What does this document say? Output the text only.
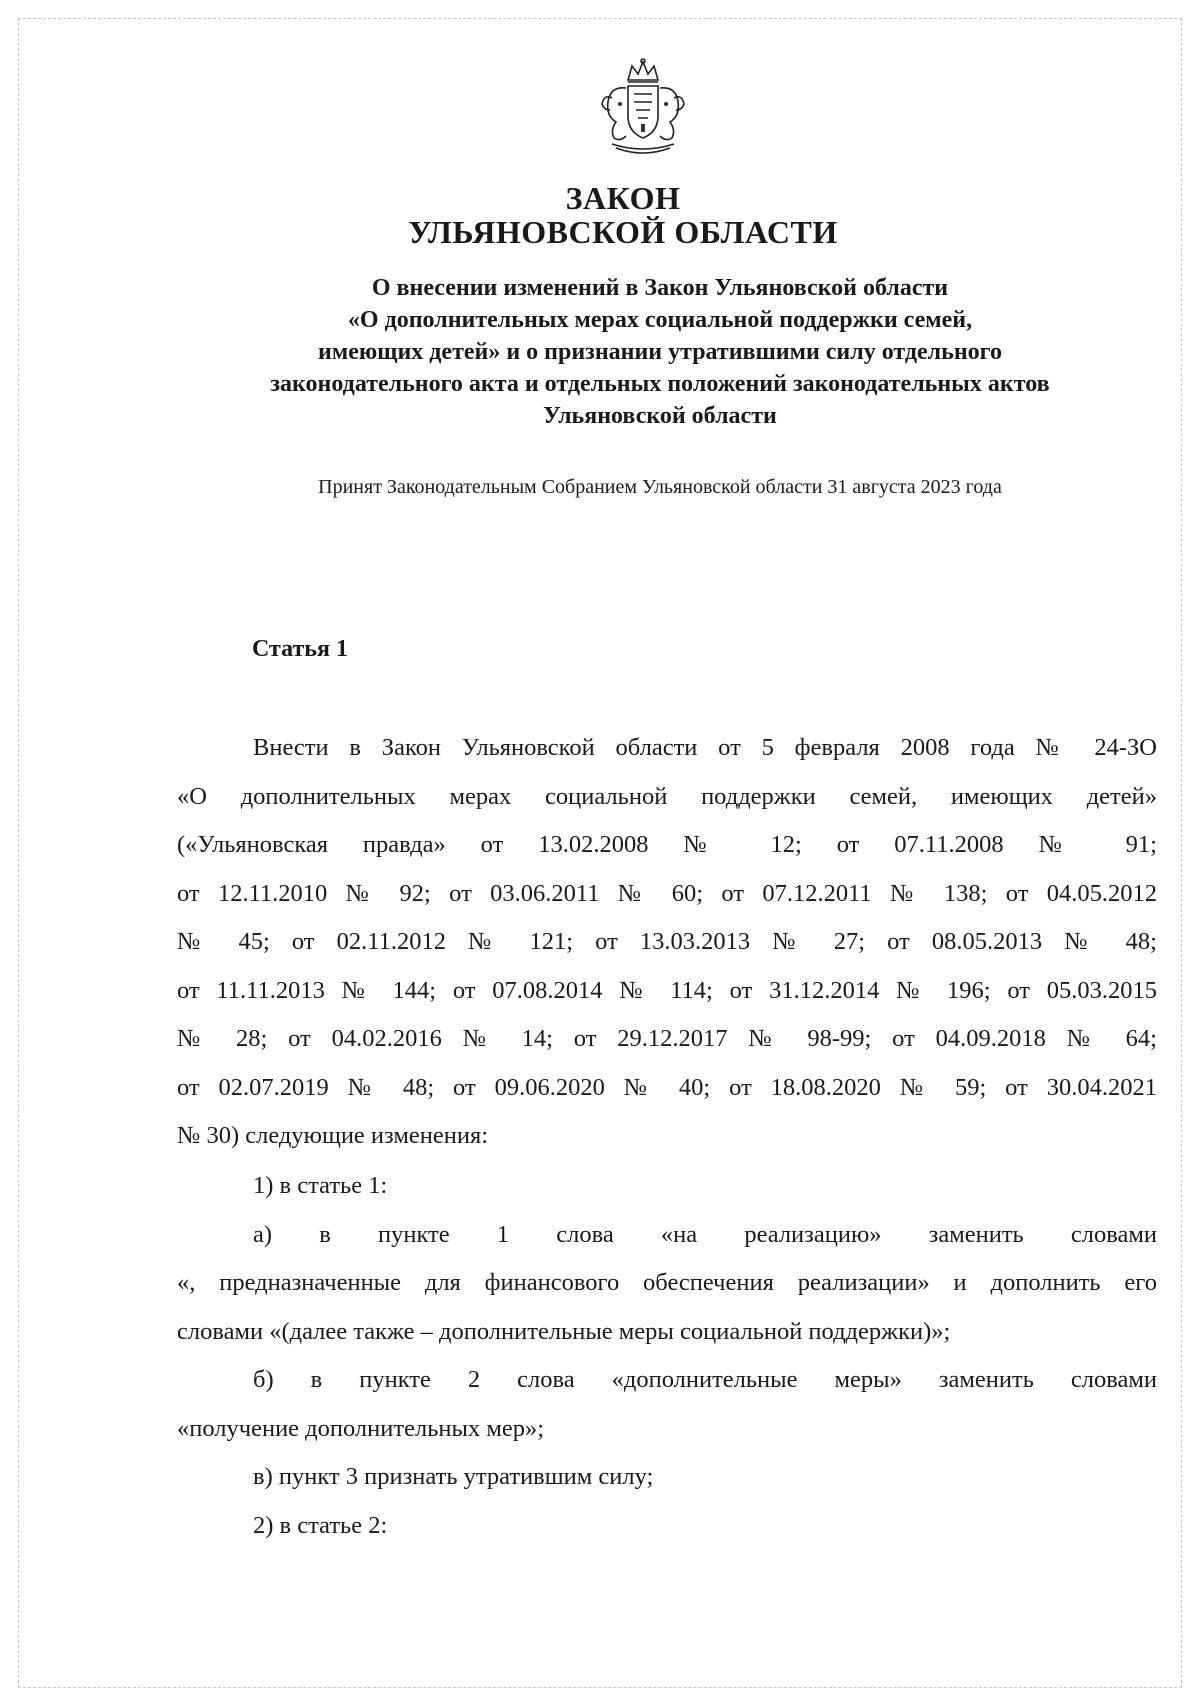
ЗАКОН
УЛЬЯНОВСКОЙ ОБЛАСТИ
О внесении изменений в Закон Ульяновской области
«О дополнительных мерах социальной поддержки семей,
имеющих детей» и о признании утратившими силу отдельного
законодательного акта и отдельных положений законодательных актов
Ульяновской области
Принят Законодательным Собранием Ульяновской области 31 августа 2023 года
Статья 1
Внести в Закон Ульяновской области от 5 февраля 2008 года № 24-ЗО
«О дополнительных мерах социальной поддержки семей, имеющих детей»
(«Ульяновская правда» от 13.02.2008 № 12; от 07.11.2008 № 91;
от 12.11.2010 № 92; от 03.06.2011 № 60; от 07.12.2011 № 138; от 04.05.2012
№ 45; от 02.11.2012 № 121; от 13.03.2013 № 27; от 08.05.2013 № 48;
от 11.11.2013 № 144; от 07.08.2014 № 114; от 31.12.2014 № 196; от 05.03.2015
№ 28; от 04.02.2016 № 14; от 29.12.2017 № 98-99; от 04.09.2018 № 64;
от 02.07.2019 № 48; от 09.06.2020 № 40; от 18.08.2020 № 59; от 30.04.2021
№ 30) следующие изменения:
1) в статье 1:
а) в пункте 1 слова «на реализацию» заменить словами
«, предназначенные для финансового обеспечения реализации» и дополнить его
словами «(далее также – дополнительные меры социальной поддержки)»;
б) в пункте 2 слова «дополнительные меры» заменить словами
«получение дополнительных мер»;
в) пункт 3 признать утратившим силу;
2) в статье 2:
